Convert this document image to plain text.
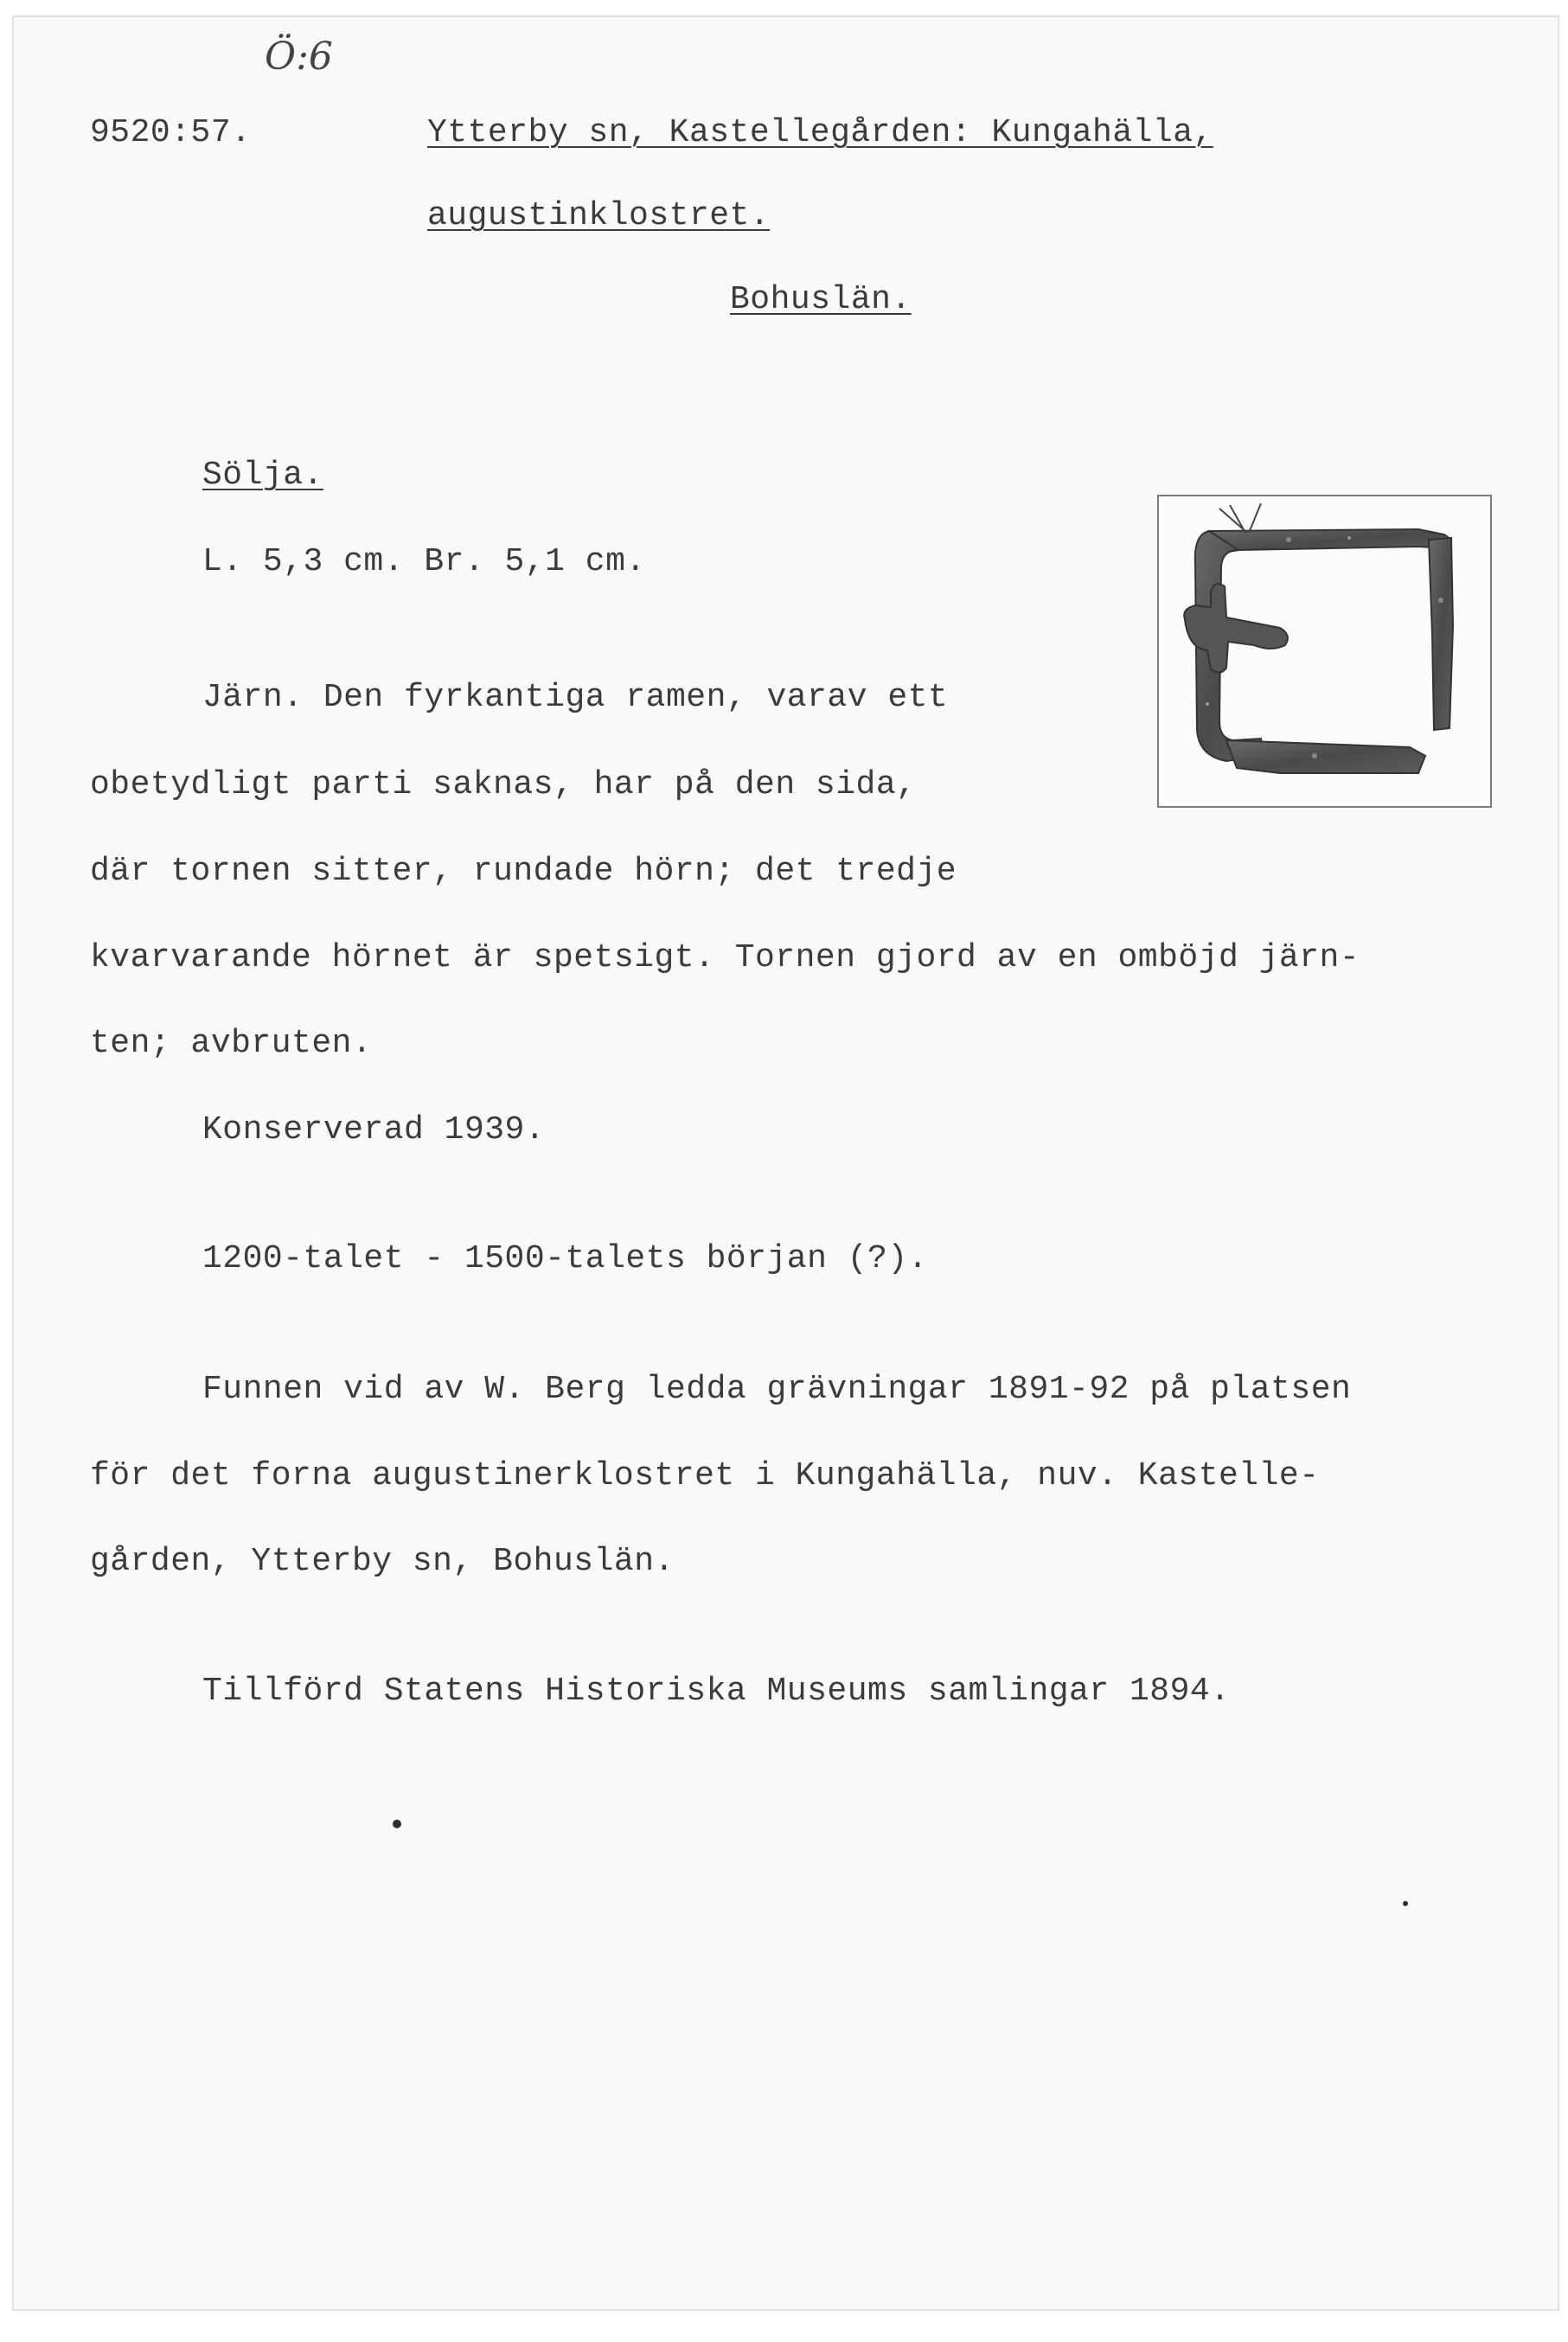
Ö:6
9520:57.	Ytterby sn, Kastellegården: Kungahälla,
augustinklostret.
Bohuslän.
Sölja.
L. 5,3 cm. Br. 5,1 cm.
Järn. Den fyrkantiga ramen, varav ett
obetydligt parti saknas, har på den sida,
där tornen sitter, rundade hörn; det tredje
kvarvarande hörnet är spetsigt. Tornen gjord av en omböjd järn-
ten; avbruten.
Konserverad 1939.
1200-talet - 1500-talets början (?).
Funnen vid av W. Berg ledda grävningar 1891-92 på platsen
för det forna augustinerklostret i Kungahälla, nuv. Kastelle-
gården, Ytterby sn, Bohuslän.
Tillförd Statens Historiska Museums samlingar 1894.
